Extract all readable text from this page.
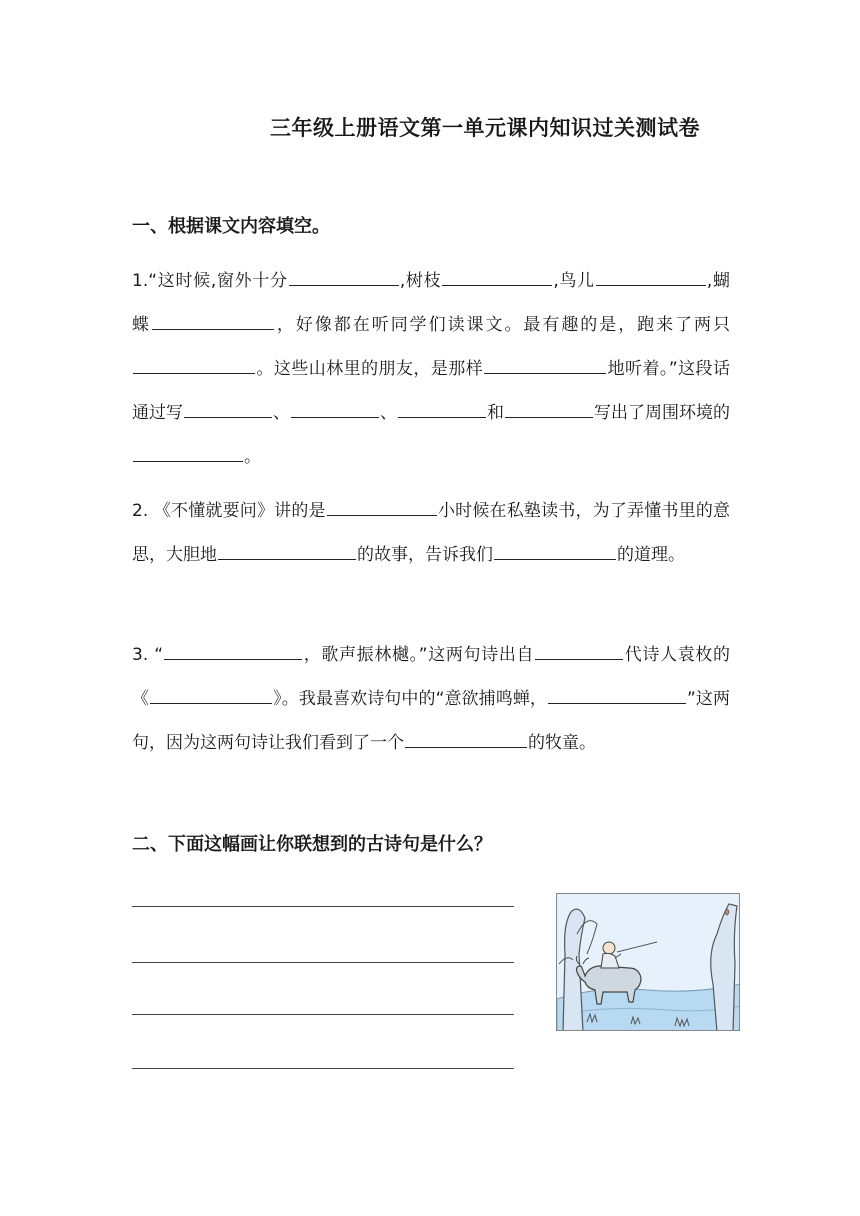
三年级上册语文第一单元课内知识过关测试卷
一、根据课文内容填空。
1.“这时候,窗外十分	,树枝	,鸟儿	,蝴蝶	，好像都在听同学们读课文。最有趣的是，跑来了两只。这些山林里的朋友，是那样	地听着。”这段话通过写	、	、	和	写出了周围环境的。
2. 《不懂就要问》讲的是	小时候在私塾读书，为了弄懂书里的意思，大胆地	的故事，告诉我们	的道理。
3. “	，歌声振林樾。”这两句诗出自	代诗人袁枚的《	》。我最喜欢诗句中的“意欲捕鸣蝉，	”这两句，因为这两句诗让我们看到了一个	的牧童。
二、下面这幅画让你联想到的古诗句是什么？
